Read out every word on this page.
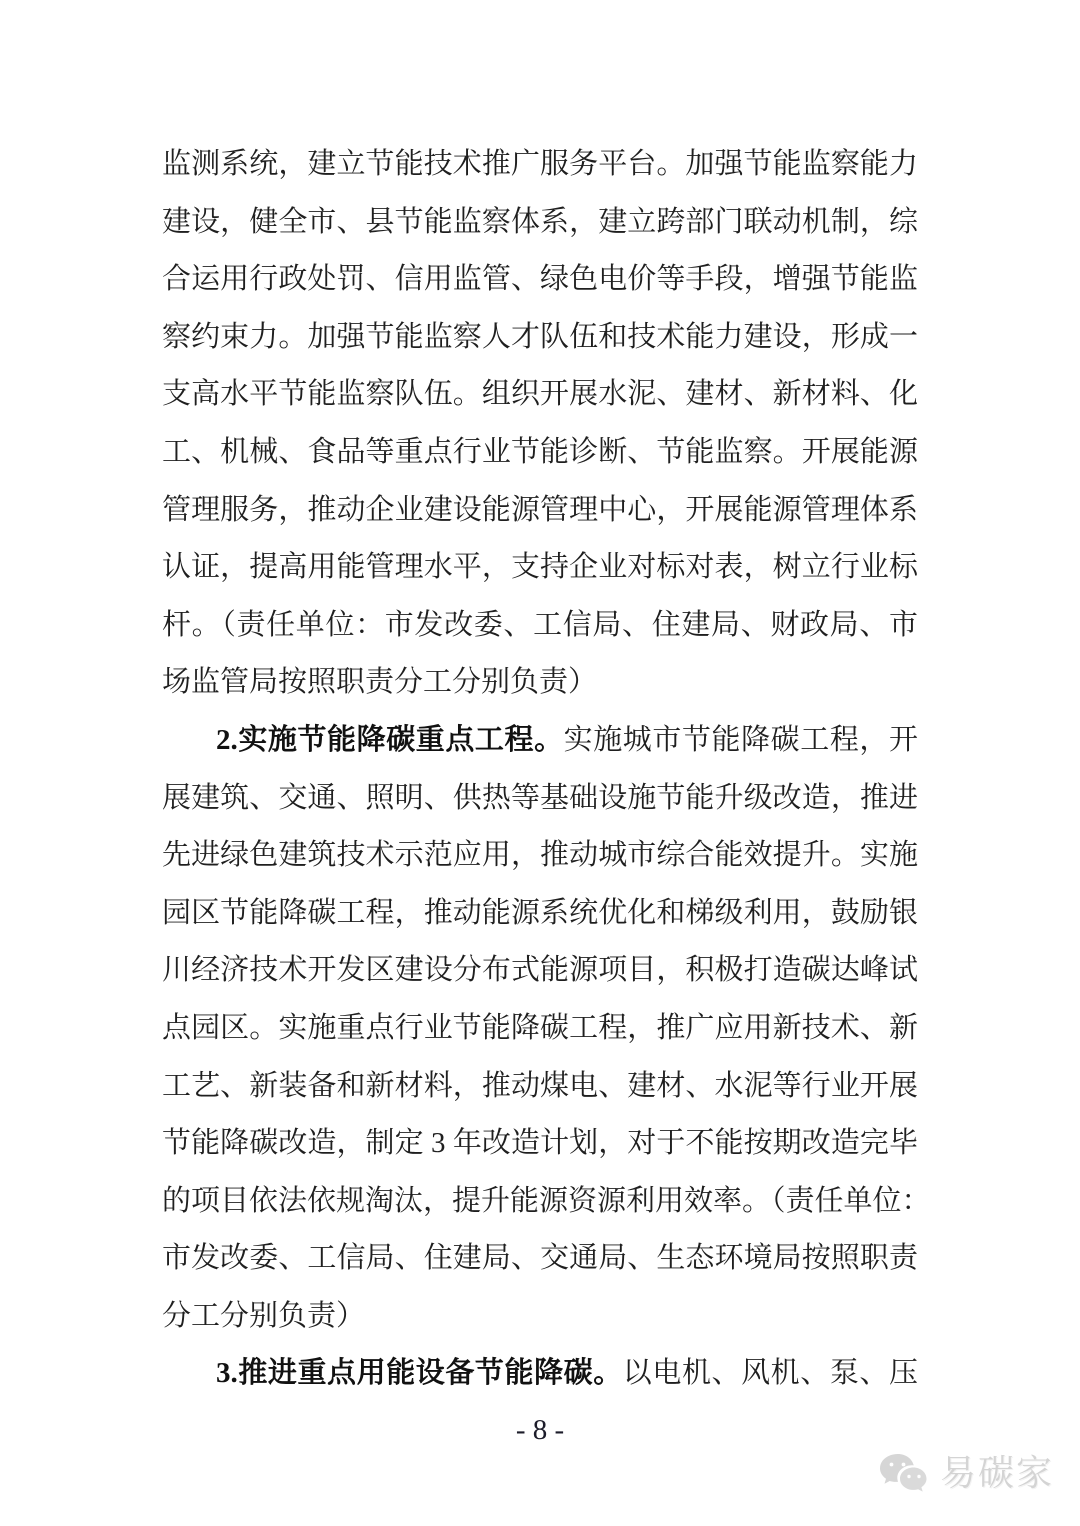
监测系统，建立节能技术推广服务平台。加强节能监察能力
建设，健全市、县节能监察体系，建立跨部门联动机制，综
合运用行政处罚、信用监管、绿色电价等手段，增强节能监
察约束力。加强节能监察人才队伍和技术能力建设，形成一
支高水平节能监察队伍。组织开展水泥、建材、新材料、化
工、机械、食品等重点行业节能诊断、节能监察。开展能源
管理服务，推动企业建设能源管理中心，开展能源管理体系
认证，提高用能管理水平，支持企业对标对表，树立行业标
杆。（责任单位：市发改委、工信局、住建局、财政局、市
场监管局按照职责分工分别负责）
2.实施节能降碳重点工程。实施城市节能降碳工程，开
展建筑、交通、照明、供热等基础设施节能升级改造，推进
先进绿色建筑技术示范应用，推动城市综合能效提升。实施
园区节能降碳工程，推动能源系统优化和梯级利用，鼓励银
川经济技术开发区建设分布式能源项目，积极打造碳达峰试
点园区。实施重点行业节能降碳工程，推广应用新技术、新
工艺、新装备和新材料，推动煤电、建材、水泥等行业开展
节能降碳改造，制定 3 年改造计划，对于不能按期改造完毕
的项目依法依规淘汰，提升能源资源利用效率。（责任单位：
市发改委、工信局、住建局、交通局、生态环境局按照职责
分工分别负责）
3.推进重点用能设备节能降碳。以电机、风机、泵、压
- 8 -
易碳家
